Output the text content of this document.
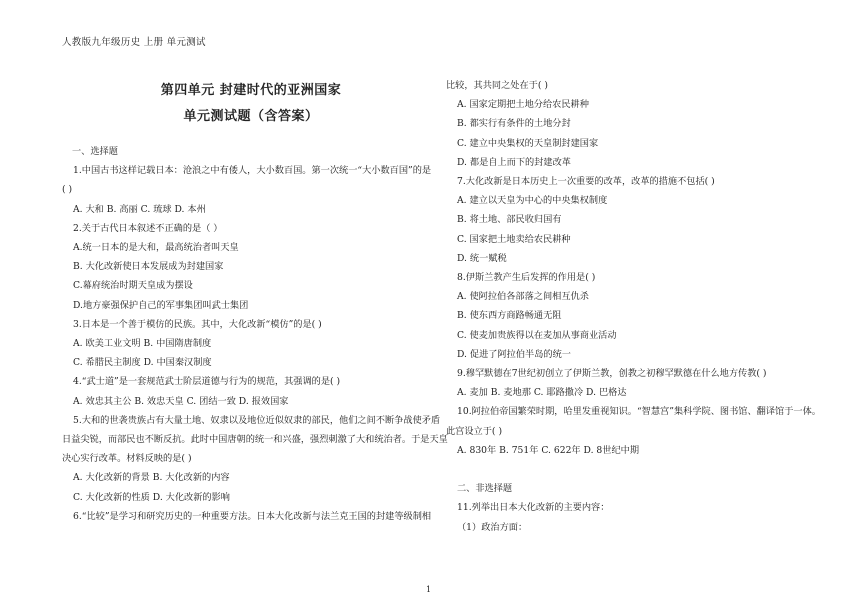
人教版九年级历史 上册 单元测试
第四单元 封建时代的亚洲国家
单元测试题（含答案）
一、选择题
1.中国古书这样记载日本：沧浪之中有倭人，大小数百国。第一次统一“大小数百国”的是
( )
A. 大和 B. 高丽 C. 琉球 D. 本州
2.关于古代日本叙述不正确的是（ ）
A.统一日本的是大和，最高统治者叫天皇
B. 大化改新使日本发展成为封建国家
C.幕府统治时期天皇成为摆设
D.地方豪强保护自己的军事集团叫武士集团
3.日本是一个善于模仿的民族。其中，大化改新“模仿”的是( )
A. 欧美工业文明 B. 中国隋唐制度
C. 希腊民主制度 D. 中国秦汉制度
4.“武士道”是一套规范武士阶层道德与行为的规范，其强调的是( )
A. 效忠其主公 B. 效忠天皇 C. 团结一致 D. 报效国家
5.大和的世袭贵族占有大量土地、奴隶以及地位近似奴隶的部民，他们之间不断争战使矛盾
日益尖锐，而部民也不断反抗。此时中国唐朝的统一和兴盛，强烈刺激了大和统治者。于是天皇
决心实行改革。材料反映的是( )
A. 大化改新的背景 B. 大化改新的内容
C. 大化改新的性质 D. 大化改新的影响
6.“比较”是学习和研究历史的一种重要方法。日本大化改新与法兰克王国的封建等级制相
比较，其共同之处在于( )
A. 国家定期把土地分给农民耕种
B. 都实行有条件的土地分封
C. 建立中央集权的天皇制封建国家
D. 都是自上而下的封建改革
7.大化改新是日本历史上一次重要的改革，改革的措施不包括( )
A. 建立以天皇为中心的中央集权制度
B. 将土地、部民收归国有
C. 国家把土地卖给农民耕种
D. 统一赋税
8.伊斯兰教产生后发挥的作用是( )
A. 使阿拉伯各部落之间相互仇杀
B. 使东西方商路畅通无阻
C. 使麦加贵族得以在麦加从事商业活动
D. 促进了阿拉伯半岛的统一
9.穆罕默德在7世纪初创立了伊斯兰教，创教之初穆罕默德在什么地方传教( )
A. 麦加 B. 麦地那 C. 耶路撒冷 D. 巴格达
10.阿拉伯帝国繁荣时期，哈里发重视知识。“智慧宫”集科学院、图书馆、翻译馆于一体。
此宫设立于( )
A. 830年 B. 751年 C. 622年 D. 8世纪中期

二、非选择题
11.列举出日本大化改新的主要内容：
（1）政治方面：
1
